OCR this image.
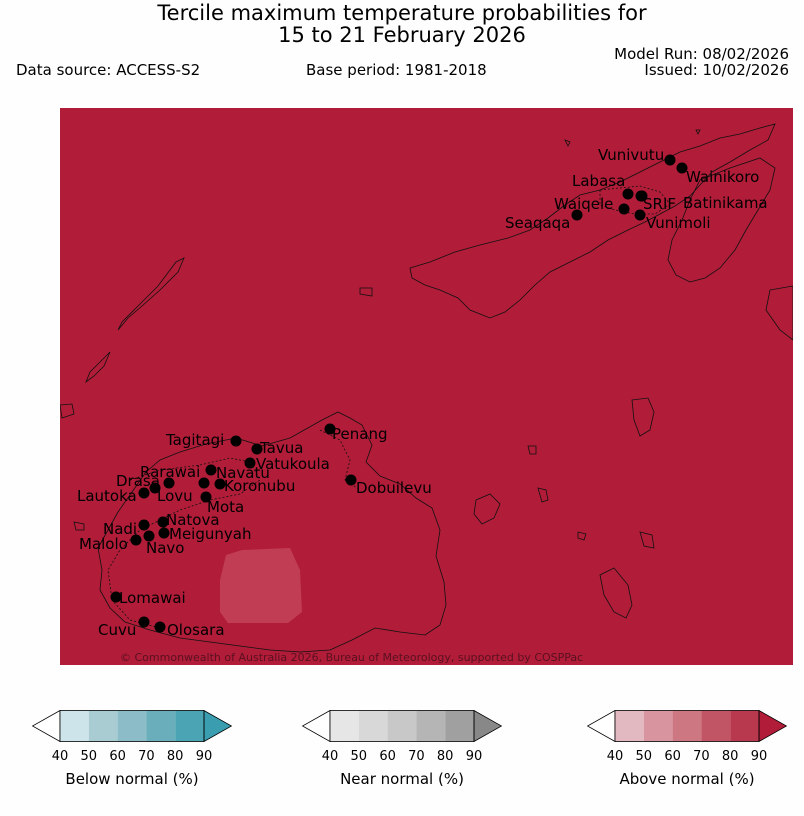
Tercile maximum temperature probabilities for
15 to 21 February 2026
Data source: ACCESS-S2	Base period: 1981-2018
Model Run: 08/02/2026
Issued: 10/02/2026
Vunivutu
Wainikoro
Labasa
Waiqele SRIF Batinikama
Seaqaqa	Vunimoli
Tagitagi Tavua
Penang
Vatukoula
Rarawai Navatu
Drasa	Koronubu	Dobuilevu
Lautoka Lovu
Mota
Nadi Natova
Meigunyah
Malolo Navo
Lomawai
Cuvu Olosara
© Commonwealth of Australia 2026, Bureau of Meteorology, supported by COSPPac
40 50 60 70 80 90
Below normal (%)
40 50 60 70 80 90
Near normal (%)
40 50 60 70 80 90
Above normal (%)
